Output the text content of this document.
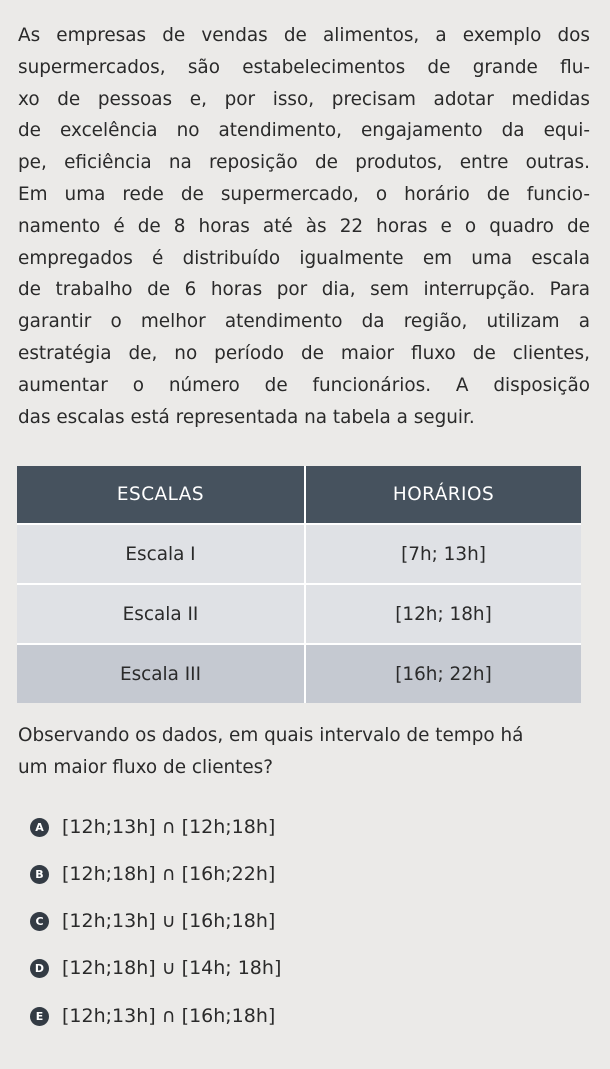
As empresas de vendas de alimentos, a exemplo dos
supermercados, são estabelecimentos de grande flu-
xo de pessoas e, por isso, precisam adotar medidas
de excelência no atendimento, engajamento da equi-
pe, eficiência na reposição de produtos, entre outras.
Em uma rede de supermercado, o horário de funcio-
namento é de 8 horas até às 22 horas e o quadro de
empregados é distribuído igualmente em uma escala
de trabalho de 6 horas por dia, sem interrupção. Para
garantir o melhor atendimento da região, utilizam a
estratégia de, no período de maior fluxo de clientes,
aumentar o número de funcionários. A disposição
das escalas está representada na tabela a seguir.
ESCALAS	HORÁRIOS
Escala I	[7h; 13h]
Escala II	[12h; 18h]
Escala III	[16h; 22h]
Observando os dados, em quais intervalo de tempo há
um maior fluxo de clientes?
A [12h;13h] ∩ [12h;18h]
B [12h;18h] ∩ [16h;22h]
C [12h;13h] ∪ [16h;18h]
D [12h;18h] ∪ [14h; 18h]
E [12h;13h] ∩ [16h;18h]
